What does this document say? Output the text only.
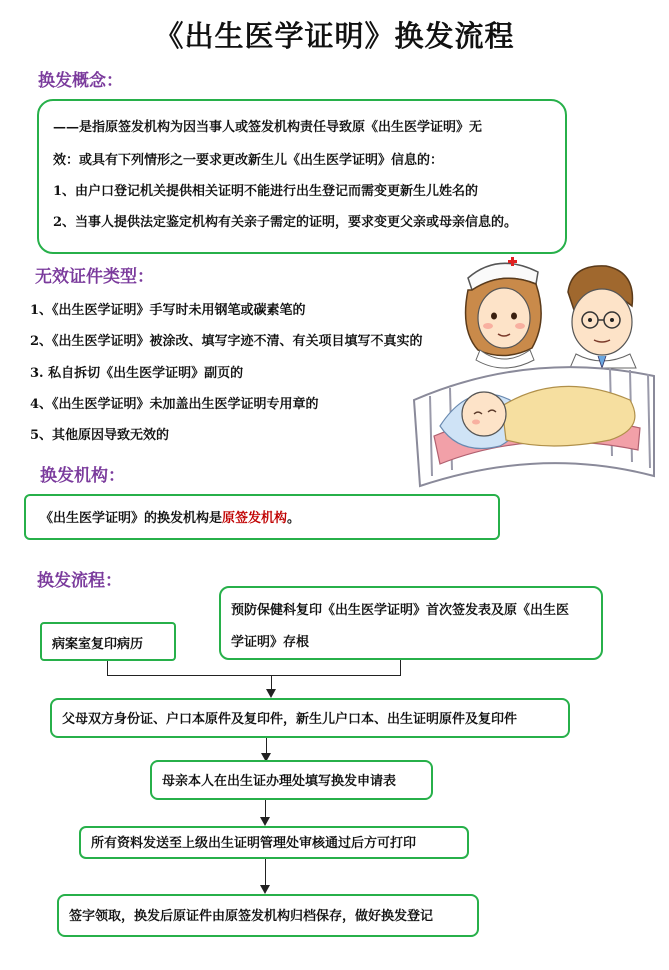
《出生医学证明》换发流程
换发概念：
——是指原签发机构为因当事人或签发机构责任导致原《出生医学证明》无
效：或具有下列情形之一要求更改新生儿《出生医学证明》信息的：
1、由户口登记机关提供相关证明不能进行出生登记而需变更新生儿姓名的
2、当事人提供法定鉴定机构有关亲子需定的证明，要求变更父亲或母亲信息的。
无效证件类型：
1、《出生医学证明》手写时未用钢笔或碳素笔的
2、《出生医学证明》被涂改、填写字迹不清、有关项目填写不真实的
3. 私自拆切《出生医学证明》副页的
4、《出生医学证明》未加盖出生医学证明专用章的
5、其他原因导致无效的
换发机构：
《出生医学证明》的换发机构是原签发机构。
换发流程：
病案室复印病历
预防保健科复印《出生医学证明》首次签发表及原《出生医
学证明》存根
父母双方身份证、户口本原件及复印件，新生儿户口本、出生证明原件及复印件
母亲本人在出生证办理处填写换发申请表
所有资料发送至上级出生证明管理处审核通过后方可打印
签字领取，换发后原证件由原签发机构归档保存，做好换发登记
